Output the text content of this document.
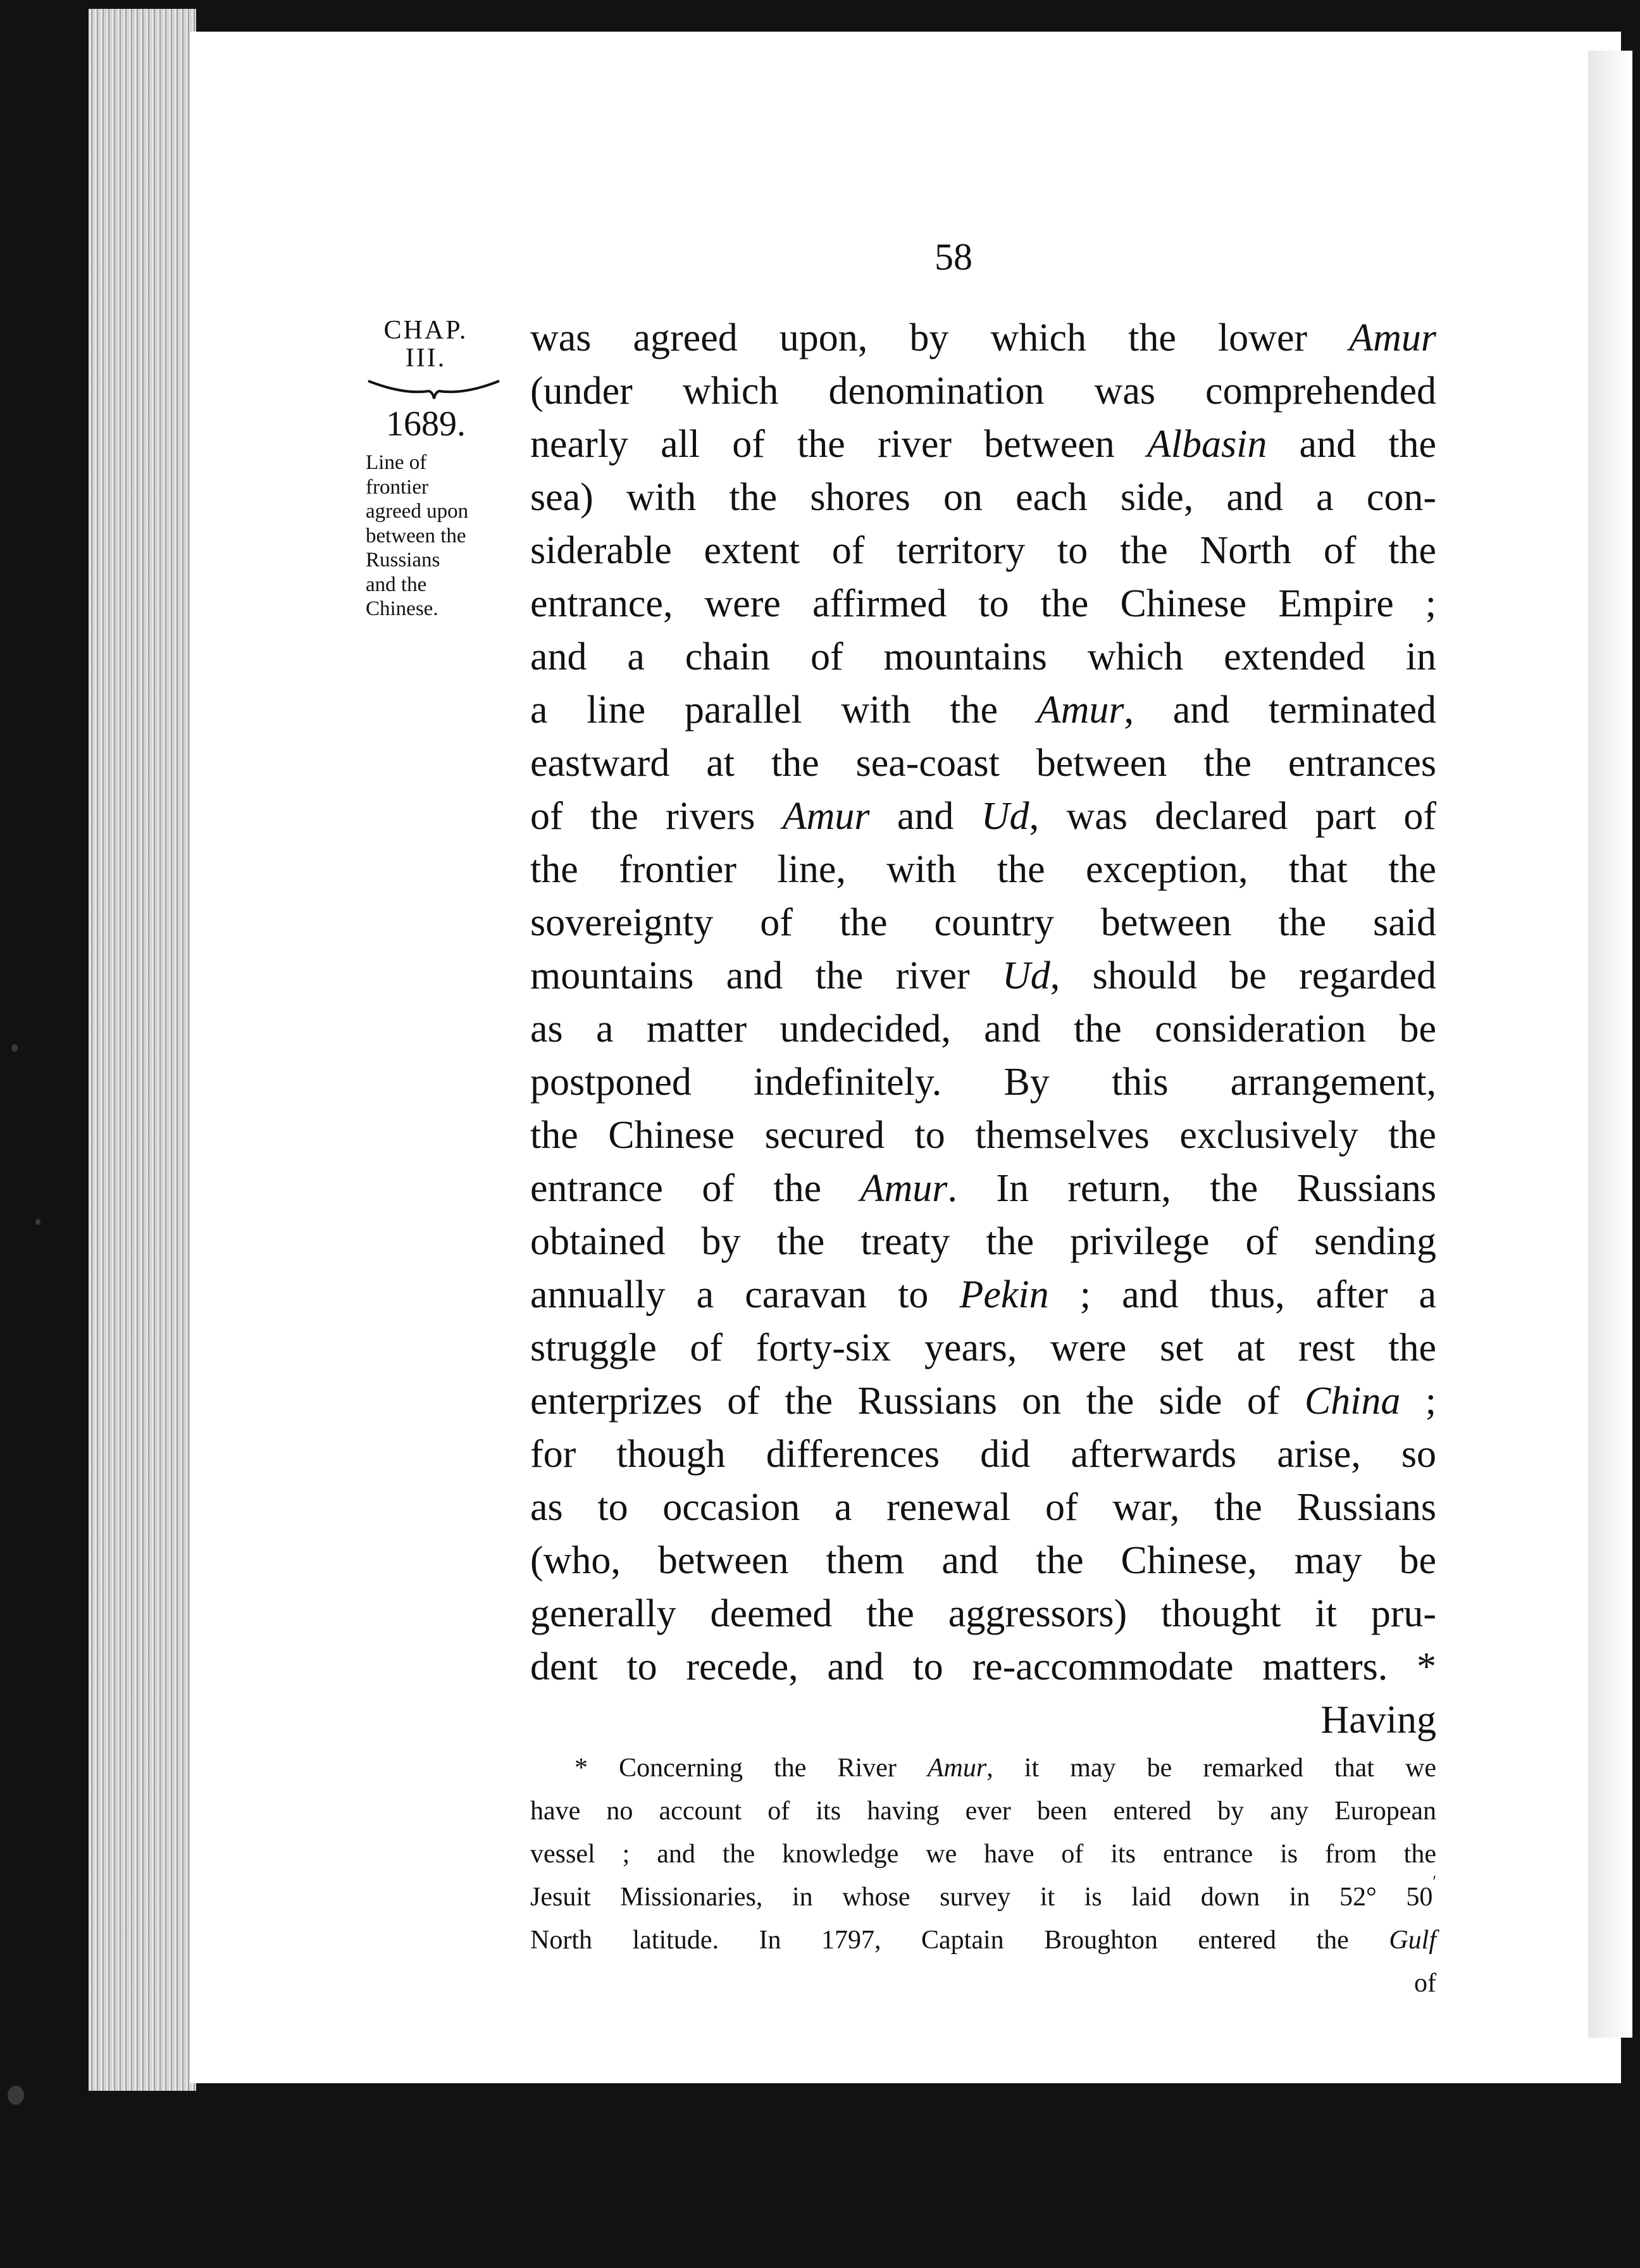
58
CHAP.
III.
1689.
Line of
frontier
agreed upon
between the
Russians
and the
Chinese.
was agreed upon, by which the lower Amur
(under which denomination was comprehended
nearly all of the river between Albasin and the
sea) with the shores on each side, and a con-
siderable extent of territory to the North of the
entrance, were affirmed to the Chinese Empire ;
and a chain of mountains which extended in
a line parallel with the Amur, and terminated
eastward at the sea-coast between the entrances
of the rivers Amur and Ud, was declared part of
the frontier line, with the exception, that the
sovereignty of the country between the said
mountains and the river Ud, should be regarded
as a matter undecided, and the consideration be
postponed indefinitely. By this arrangement,
the Chinese secured to themselves exclusively the
entrance of the Amur. In return, the Russians
obtained by the treaty the privilege of sending
annually a caravan to Pekin ; and thus, after a
struggle of forty-six years, were set at rest the
enterprizes of the Russians on the side of China ;
for though differences did afterwards arise, so
as to occasion a renewal of war, the Russians
(who, between them and the Chinese, may be
generally deemed the aggressors) thought it pru-
dent to recede, and to re-accommodate matters. *
Having
* Concerning the River Amur, it may be remarked that we
have no account of its having ever been entered by any European
vessel ; and the knowledge we have of its entrance is from the
Jesuit Missionaries, in whose survey it is laid down in 52° 50′
North latitude. In 1797, Captain Broughton entered the Gulf
of
